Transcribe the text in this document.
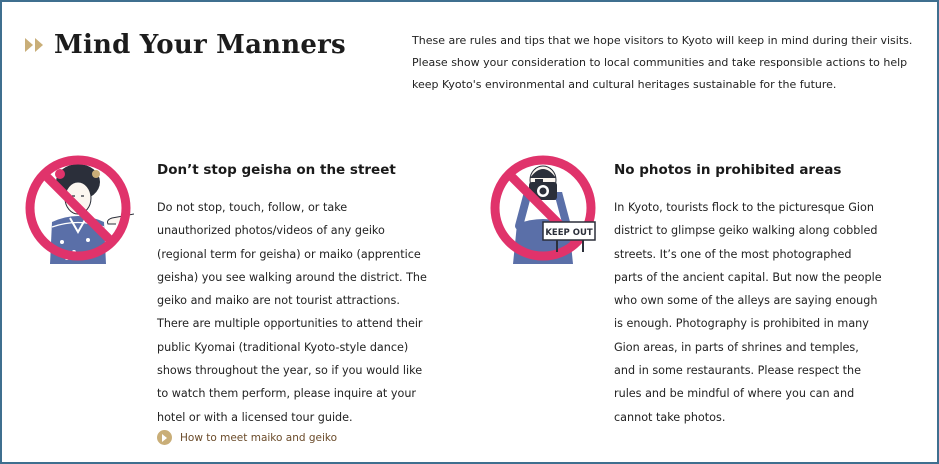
Mind Your Manners	These are rules and tips that we hope visitors to Kyoto will keep in mind during their visits.

Please show your consideration to local communities and take responsible actions to help

keep Kyoto's environmental and cultural heritages sustainable for the future.

Don’t stop geisha on the street

Do not stop, touch, follow, or take

unauthorized photos/videos of any geiko

(regional term for geisha) or maiko (apprentice

geisha) you see walking around the district. The

geiko and maiko are not tourist attractions.

There are multiple opportunities to attend their

public Kyomai (traditional Kyoto-style dance)

shows throughout the year, so if you would like

to watch them perform, please inquire at your

hotel or with a licensed tour guide.

How to meet maiko and geiko
KEEP OUT
No photos in prohibited areas

In Kyoto, tourists flock to the picturesque Gion

district to glimpse geiko walking along cobbled

streets. It’s one of the most photographed

parts of the ancient capital. But now the people

who own some of the alleys are saying enough

is enough. Photography is prohibited in many

Gion areas, in parts of shrines and temples,

and in some restaurants. Please respect the

rules and be mindful of where you can and

cannot take photos.
